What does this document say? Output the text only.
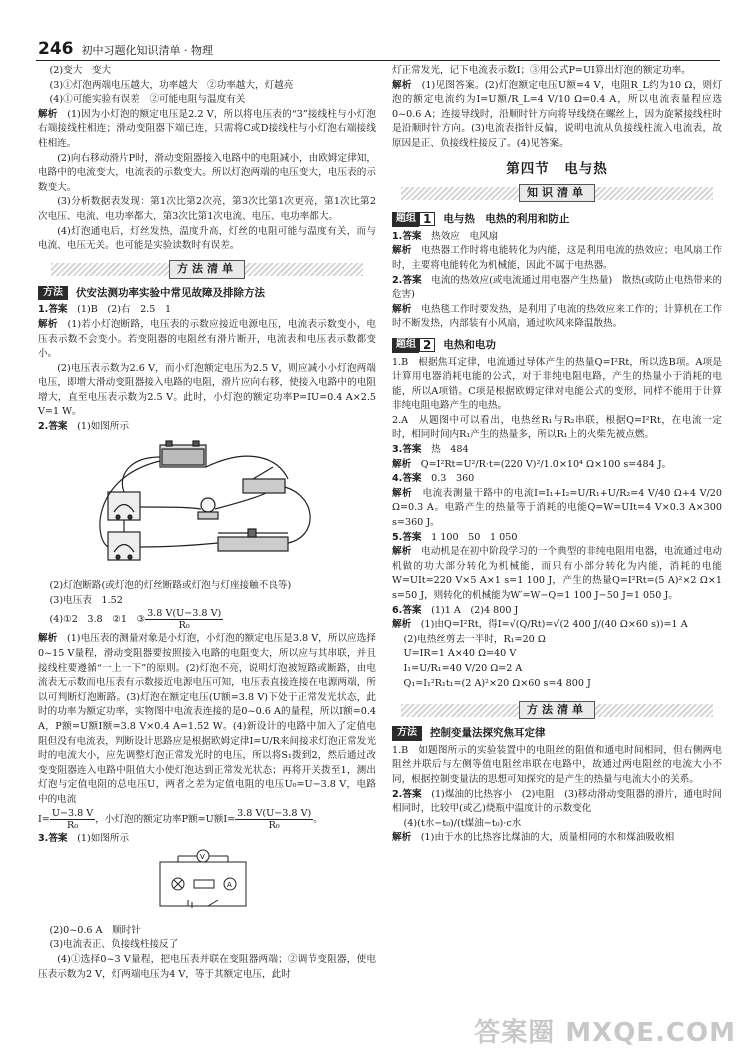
246 初中习题化知识清单 · 物理

(2)变大　变大

(3)①灯泡两端电压越大，功率越大　②功率越大，灯越亮

(4)①可能实验有误差　②可能电阻与温度有关

解析　 (1)因为小灯泡的额定电压是2.2 V，所以将电压表的“3”接线柱与小灯泡右端接线柱相连；滑动变阻器下端已连，只需将C或D接线柱与小灯泡右端接线柱相连。

(2)向右移动滑片P时，滑动变阻器接入电路中的电阻减小，由欧姆定律知，电路中的电流变大，电流表的示数变大。所以灯泡两端的电压变大，电压表的示数变大。

(3)分析数据表发现：第1次比第2次亮，第3次比第1次更亮，第1次比第2次电压、电流、电功率都大，第3次比第1次电流、电压、电功率都大。

(4)灯泡通电后，灯丝发热，温度升高，灯丝的电阻可能与温度有关，而与电流、电压无关。也可能是实验读数时有误差。

方法清单
方法	伏安法测功率实验中常见故障及排除方法

1.答案　 (1)B　(2)右　2.5　1

解析　 (1)若小灯泡断路，电压表的示数应接近电源电压，电流表示数变小，电压表示数不会变小。若变阻器的电阻丝有滑片断开，电流表和电压表示数都变小。

(2)电压表示数为2.6 V，而小灯泡额定电压为2.5 V，则应减小小灯泡两端电压，即增大滑动变阻器接入电路的电阻，滑片应向右移，使接入电路中的电阻增大，直至电压表示数为2.5 V。此时，小灯泡的额定功率P=IU=0.4 A×2.5 V=1 W。

2.答案　 (1)如图所示

(2)灯泡断路(或灯泡的灯丝断路或灯泡与灯座接触不良等)

(3)电压表　1.52

(4)①2　3.8　②1　③ $\frac{3.8 V(U-3.8 V)}{\text{R₀}}$

解析　 (1)电压表的测量对象是小灯泡，小灯泡的额定电压是3.8 V，所以应选择0~15 V量程，滑动变阻器要按照接入电路的电阻变大，所以应与其串联，并且接线柱要遵循“一上一下”的原则。(2)灯泡不亮，说明灯泡被短路或断路，由电流表无示数而电压表有示数接近电源电压可知，电压表直接连接在电源两端，所以可判断灯泡断路。(3)灯泡在额定电压(U额=3.8 V)下处于正常发光状态，此时的功率为额定功率，实物图中电流表连接的是0~0.6 A的量程，所以I额=0.4 A，P额=U额I额=3.8 V×0.4 A=1.52 W。(4)新设计的电路中加入了定值电阻但没有电流表，判断设计思路应是根据欧姆定律I=U/R来间接求灯泡正常发光时的电流大小，应先调整灯泡正常发光时的电压，所以将S₁拨到2，然后通过改变变阻器连入电路中阻值大小使灯泡达到正常发光状态；再将开关拨至1，测出灯泡与定值电阻的总电压U，两者之差为定值电阻的电压U₀=U−3.8 V，电路中的电流

$I= \frac{U-3.8 V}{\text{R₀}}$ ，小灯泡的额定功率P额=U额$I= \frac{3.8 V(U-3.8 V)}{\text{R₀}}$ 。

3.答案　 (1)如图所示

V
A

(2)0~0.6 A　顺时针

(3)电流表正、负接线柱接反了

(4)①选择0~3 V量程，把电压表并联在变阻器两端；②调节变阻器，使电压表示数为2 V，灯两端电压为4 V，等于其额定电压，此时

灯正常发光，记下电流表示数I；③用公式P=UI算出灯泡的额定功率。

解析　 (1)见图答案。(2)灯泡额定电压U额=4 V，电阻R_L约为10 Ω，则灯泡的额定电流约为I=U额/R_L=4 V/10 Ω=0.4 A，所以电流表量程应选0~0.6 A；连接导线时，沿顺时针方向将导线绕在螺丝上，因为旋紧接线柱时是沿顺时针方向。(3)电流表指针反偏，说明电流从负接线柱流入电流表，故原因是正、负接线柱接反了。(4)见答案。

第四节　电与热
知识清单
题组 1	电与热　电热的利用和防止

1.答案　 热效应　电风扇

解析　 电热器工作时将电能转化为内能，这是利用电流的热效应；电风扇工作时，主要将电能转化为机械能，因此不属于电热器。

2.答案　 电流的热效应(或电流通过用电器产生热量)　散热(或防止电热带来的危害)

解析　 电热毯工作时要发热，是利用了电流的热效应来工作的；计算机在工作时不断发热，内部装有小风扇，通过吹风来降温散热。

题组 2	电热和电功

1.B　根据焦耳定律，电流通过导体产生的热量Q=I²Rt，所以选B项。A项是计算用电器消耗电能的公式，对于非纯电阻电路，产生的热量小于消耗的电能，所以A项错。C项是根据欧姆定律对电能公式的变形，同样不能用于计算非纯电阻电路产生的电热。

2.A　从题图中可以看出，电热丝R₁与R₂串联，根据Q=I²Rt，在电流一定时，相同时间内R₁产生的热量多，所以R₁上的火柴先被点燃。

3.答案　 热　484

解析　 Q=I²Rt=U²/R·t=(220 V)²/1.0×10⁴ Ω×100 s=484 J。

4.答案　 0.3　360

解析　 电流表测量干路中的电流I=I₁+I₂=U/R₁+U/R₂=4 V/40 Ω+4 V/20 Ω=0.3 A。电路产生的热量等于消耗的电能Q=W=UIt=4 V×0.3 A×300 s=360 J。

5.答案　 1 100　50　1 050

解析　 电动机是在初中阶段学习的一个典型的非纯电阻用电器，电流通过电动机做的功大部分转化为机械能，而只有小部分转化为内能，消耗的电能W=UIt=220 V×5 A×1 s=1 100 J，产生的热量Q=I²Rt=(5 A)²×2 Ω×1 s=50 J，则转化的机械能为W′=W−Q=1 100 J−50 J=1 050 J。

6.答案　 (1)1 A　(2)4 800 J

解析　 (1)由Q=I²Rt，得I=√(Q/Rt)=√(2 400 J/(40 Ω×60 s))=1 A

(2)电热丝剪去一半时，R₁=20 Ω

U=IR=1 A×40 Ω=40 V

I₁=U/R₁=40 V/20 Ω=2 A

Q₁=I₁²R₁t₁=(2 A)²×20 Ω×60 s=4 800 J

方法清单
方法	控制变量法探究焦耳定律

1.B　如题图所示的实验装置中的电阻丝的阻值和通电时间相同，但右侧两电阻丝并联后与左侧等值电阻丝串联在电路中，故通过两电阻丝的电流大小不同，根据控制变量法的思想可知探究的是产生的热量与电流大小的关系。

2.答案　 (1)煤油的比热容小　(2)电阻　(3)移动滑动变阻器的滑片，通电时间相同时，比较甲(或乙)烧瓶中温度计的示数变化

(4)(t水−t₀)/(t煤油−t₀)·c水

解析　 (1)由于水的比热容比煤油的大，质量相同的水和煤油吸收相

答案圈 MXQE.COM
